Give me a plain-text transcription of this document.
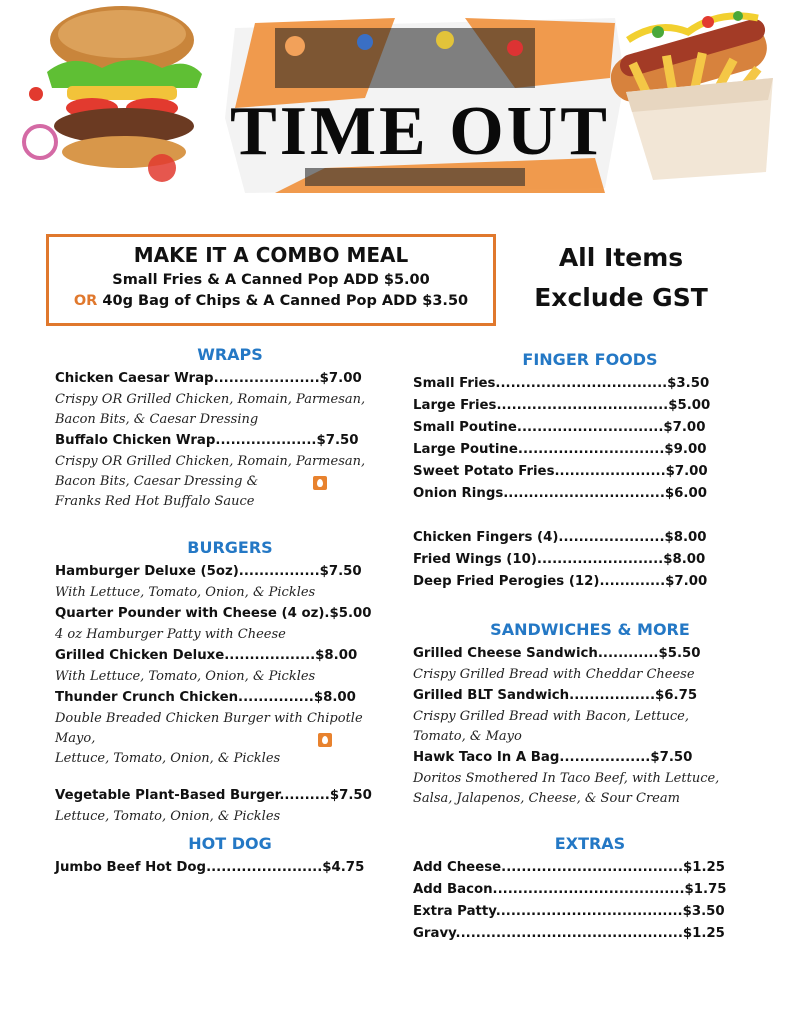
TIME OUT
MAKE IT A COMBO MEAL
Small Fries & A Canned Pop ADD $5.00
OR 40g Bag of Chips & A Canned Pop ADD $3.50
All Items
Exclude GST
WRAPS
Chicken Caesar Wrap.....................$7.00
Crispy OR Grilled Chicken, Romain, Parmesan,
Bacon Bits, & Caesar Dressing
Buffalo Chicken Wrap....................$7.50
Crispy OR Grilled Chicken, Romain, Parmesan,
Bacon Bits, Caesar Dressing &
Franks Red Hot Buffalo Sauce
BURGERS
Hamburger Deluxe (5oz)................$7.50
With Lettuce, Tomato, Onion, & Pickles
Quarter Pounder with Cheese (4 oz).$5.00
4 oz Hamburger Patty with Cheese
Grilled Chicken Deluxe..................$8.00
With Lettuce, Tomato, Onion, & Pickles
Thunder Crunch Chicken...............$8.00
Double Breaded Chicken Burger with Chipotle Mayo,
Lettuce, Tomato, Onion, & Pickles
Vegetable Plant-Based Burger..........$7.50
Lettuce, Tomato, Onion, & Pickles
HOT DOG
Jumbo Beef Hot Dog.......................$4.75
FINGER FOODS
Small Fries..................................$3.50
Large Fries..................................$5.00
Small Poutine.............................$7.00
Large Poutine.............................$9.00
Sweet Potato Fries......................$7.00
Onion Rings................................$6.00
Chicken Fingers (4).....................$8.00
Fried Wings (10).........................$8.00
Deep Fried Perogies (12).............$7.00
SANDWICHES & MORE
Grilled Cheese Sandwich............$5.50
Crispy Grilled Bread with Cheddar Cheese
Grilled BLT Sandwich.................$6.75
Crispy Grilled Bread with Bacon, Lettuce,
Tomato, & Mayo
Hawk Taco In A Bag..................$7.50
Doritos Smothered In Taco Beef, with Lettuce,
Salsa, Jalapenos, Cheese, & Sour Cream
EXTRAS
Add Cheese....................................$1.25
Add Bacon......................................$1.75
Extra Patty.....................................$3.50
Gravy.............................................$1.25
